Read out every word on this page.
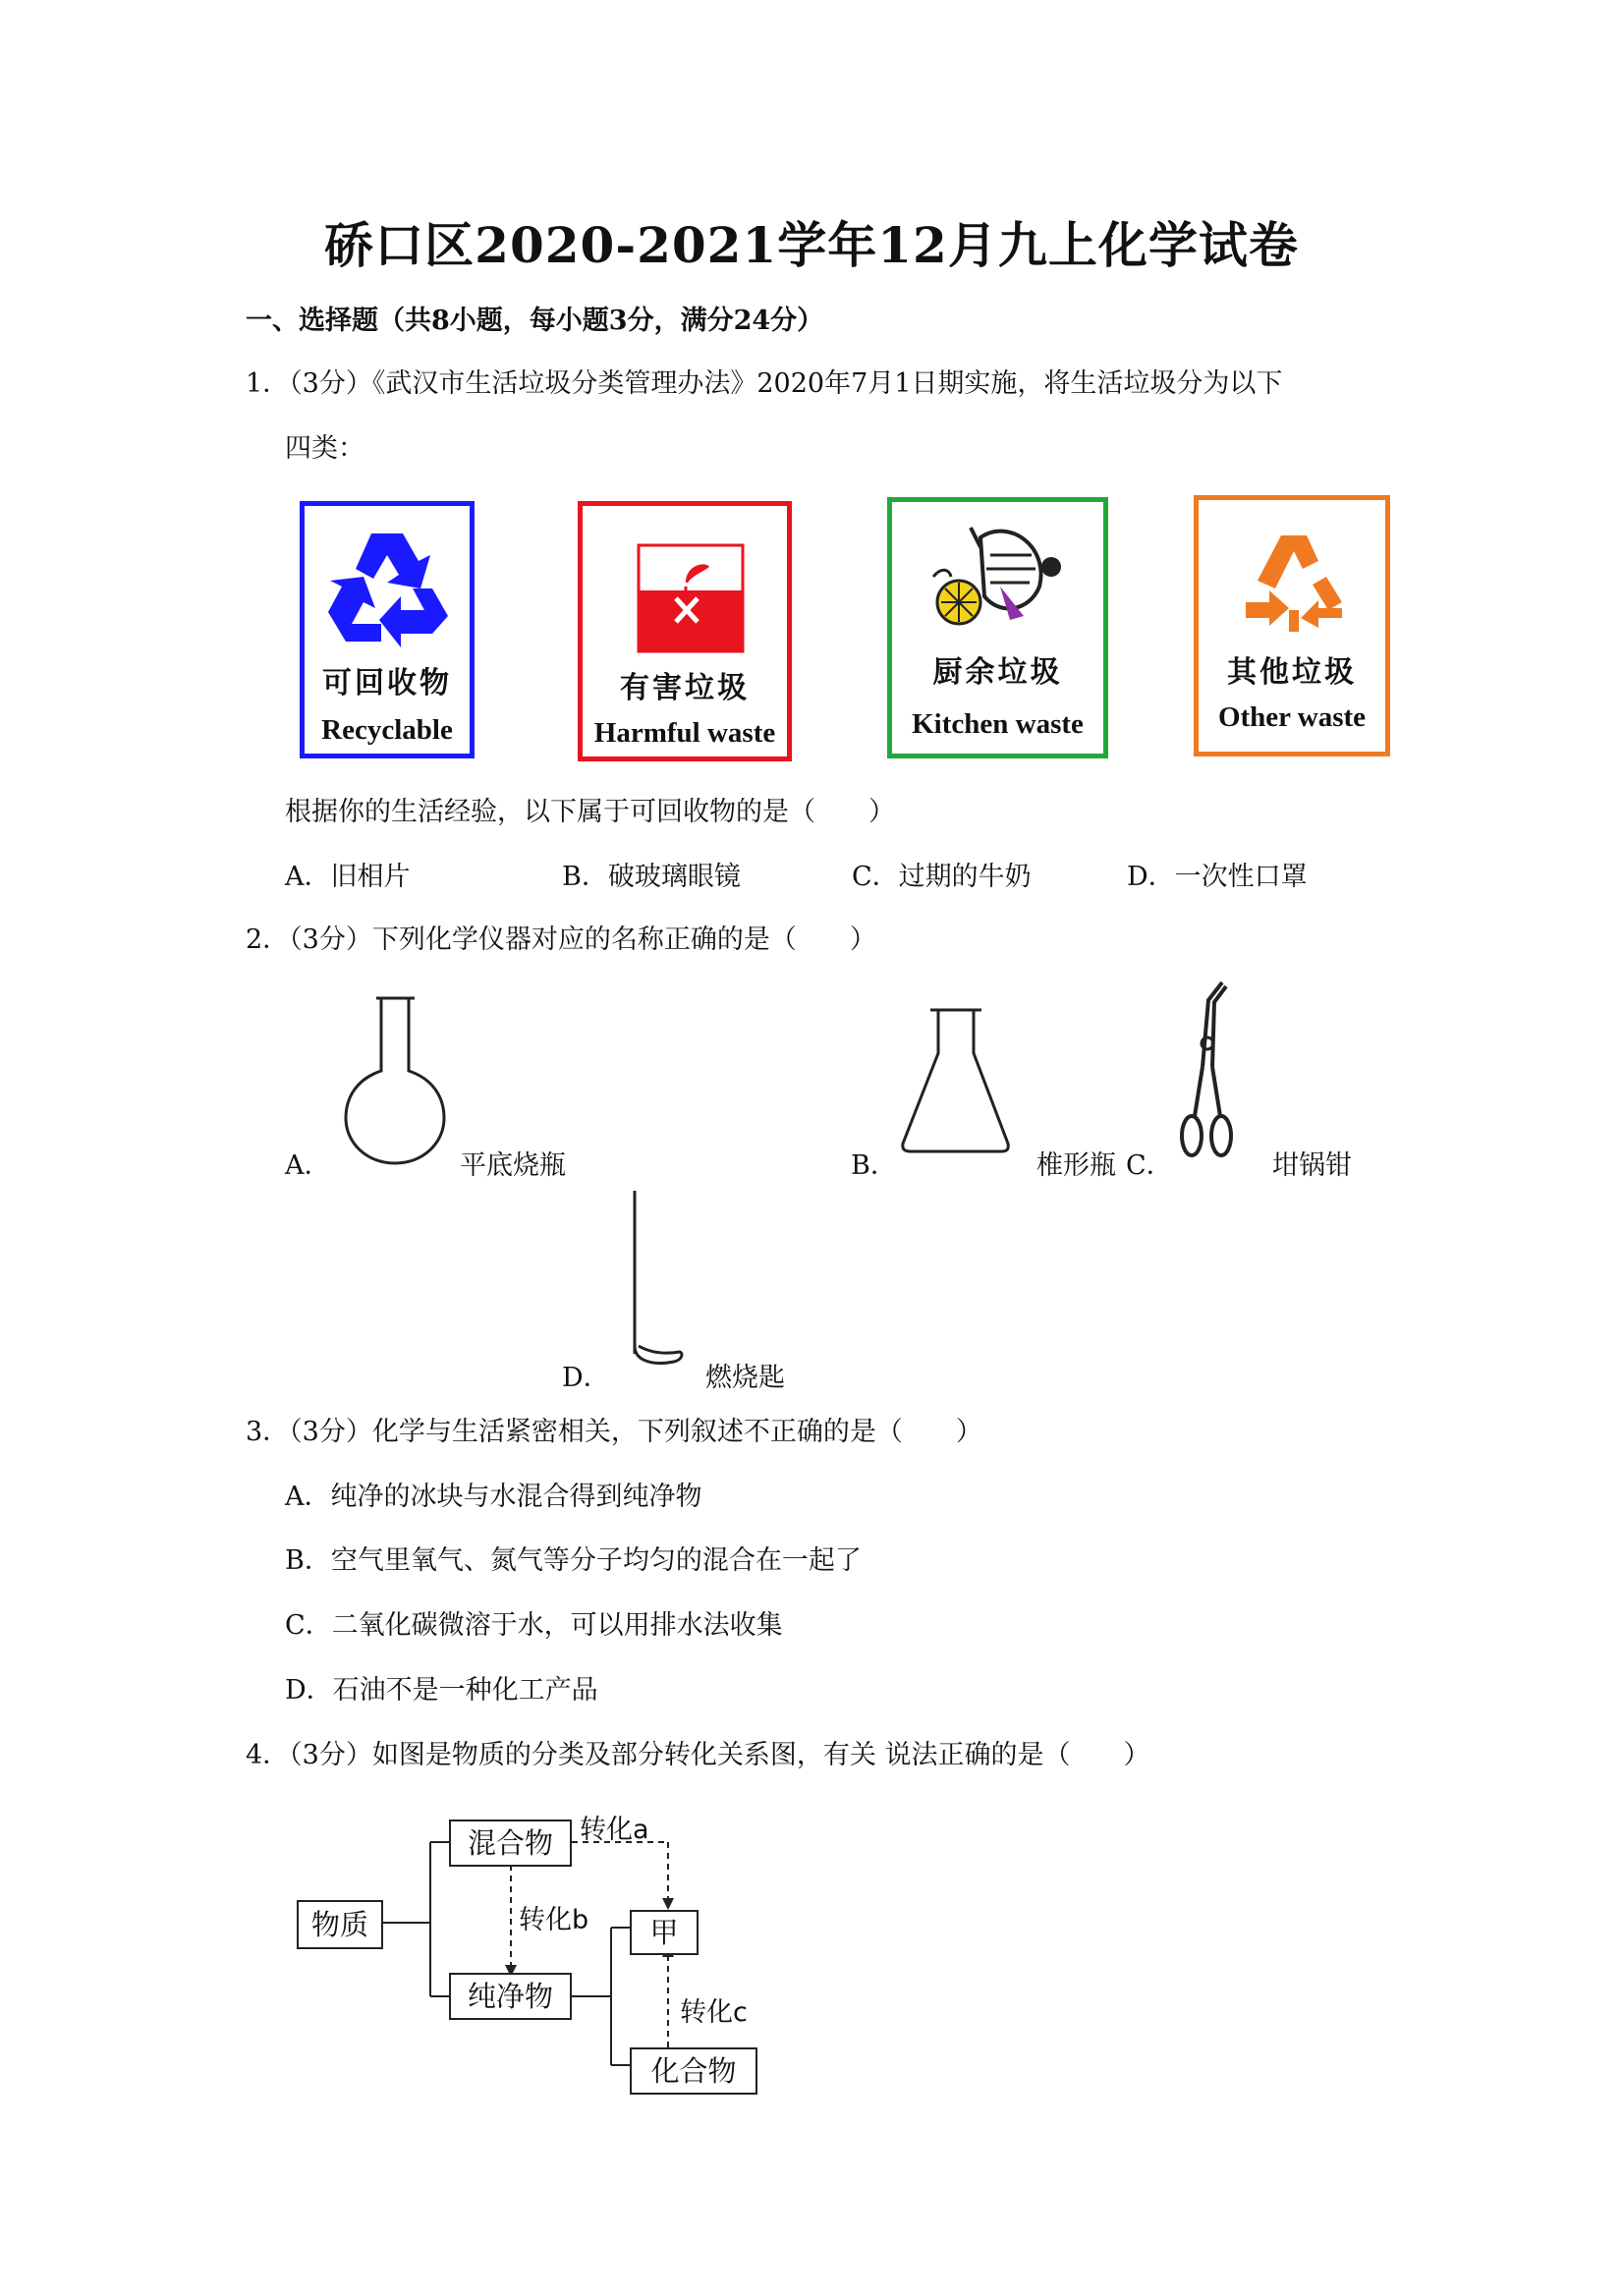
硚口区2020-2021学年12月九上化学试卷
一、选择题（共8小题，每小题3分，满分24分）
1．（3分）《武汉市生活垃圾分类管理办法》2020年7月1日期实施，将生活垃圾分为以下
四类：
可回收物
Recyclable
有害垃圾
Harmful waste
厨余垃圾
Kitchen waste
其他垃圾
Other waste
根据你的生活经验，以下属于可回收物的是（　　）
A．旧相片	B．破玻璃眼镜	C．过期的牛奶	D．一次性口罩
2．（3分）下列化学仪器对应的名称正确的是（　　）
A．	平底烧瓶	B．	椎形瓶 C．	坩锅钳
D．	燃烧匙
3．（3分）化学与生活紧密相关，下列叙述不正确的是（　　）
A．纯净的冰块与水混合得到纯净物
B．空气里氧气、氮气等分子均匀的混合在一起了
C．二氧化碳微溶于水，可以用排水法收集
D．石油不是一种化工产品
4．（3分）如图是物质的分类及部分转化关系图，有关 说法正确的是（　　）
物质
混合物
纯净物
甲
化合物
转化a
转化b
转化c
